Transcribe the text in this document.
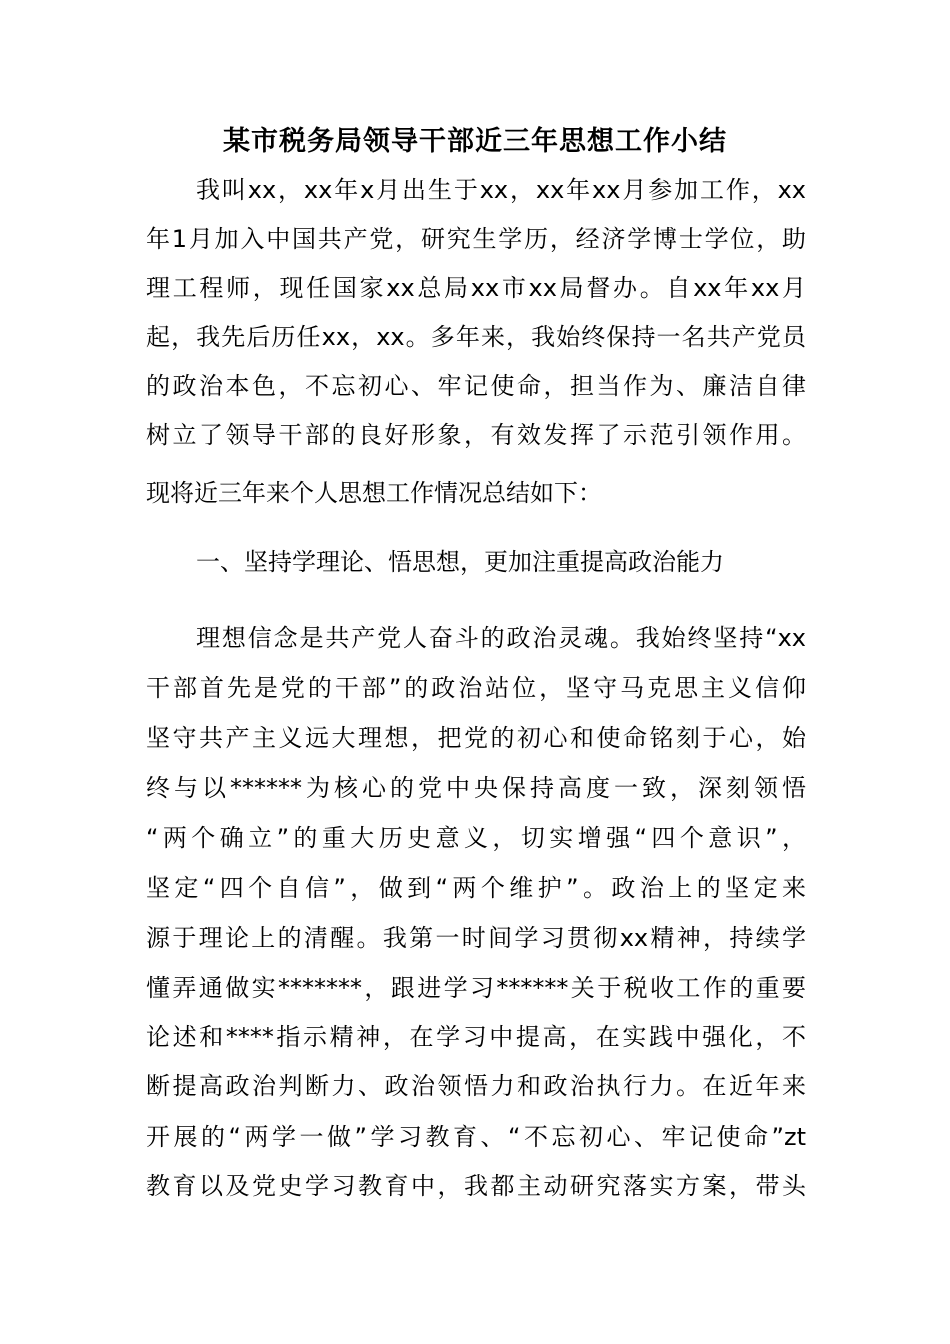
某市税务局领导干部近三年思想工作小结
我叫xx，xx年x月出生于xx，xx年xx月参加工作，xx
年1月加入中国共产党，研究生学历，经济学博士学位，助
理工程师，现任国家xx总局xx市xx局督办。自xx年xx月
起，我先后历任xx，xx。多年来，我始终保持一名共产党员
的政治本色，不忘初心、牢记使命，担当作为、廉洁自律
树立了领导干部的良好形象，有效发挥了示范引领作用。
现将近三年来个人思想工作情况总结如下：
一、坚持学理论、悟思想，更加注重提高政治能力
理想信念是共产党人奋斗的政治灵魂。我始终坚持“xx
干部首先是党的干部”的政治站位，坚守马克思主义信仰
坚守共产主义远大理想，把党的初心和使命铭刻于心，始
终与以******为核心的党中央保持高度一致，深刻领悟
“两个确立”的重大历史意义，切实增强“四个意识”，
坚定“四个自信”，做到“两个维护”。政治上的坚定来
源于理论上的清醒。我第一时间学习贯彻xx精神，持续学
懂弄通做实*******，跟进学习******关于税收工作的重要
论述和****指示精神，在学习中提高，在实践中强化，不
断提高政治判断力、政治领悟力和政治执行力。在近年来
开展的“两学一做”学习教育、“不忘初心、牢记使命”zt
教育以及党史学习教育中，我都主动研究落实方案，带头
